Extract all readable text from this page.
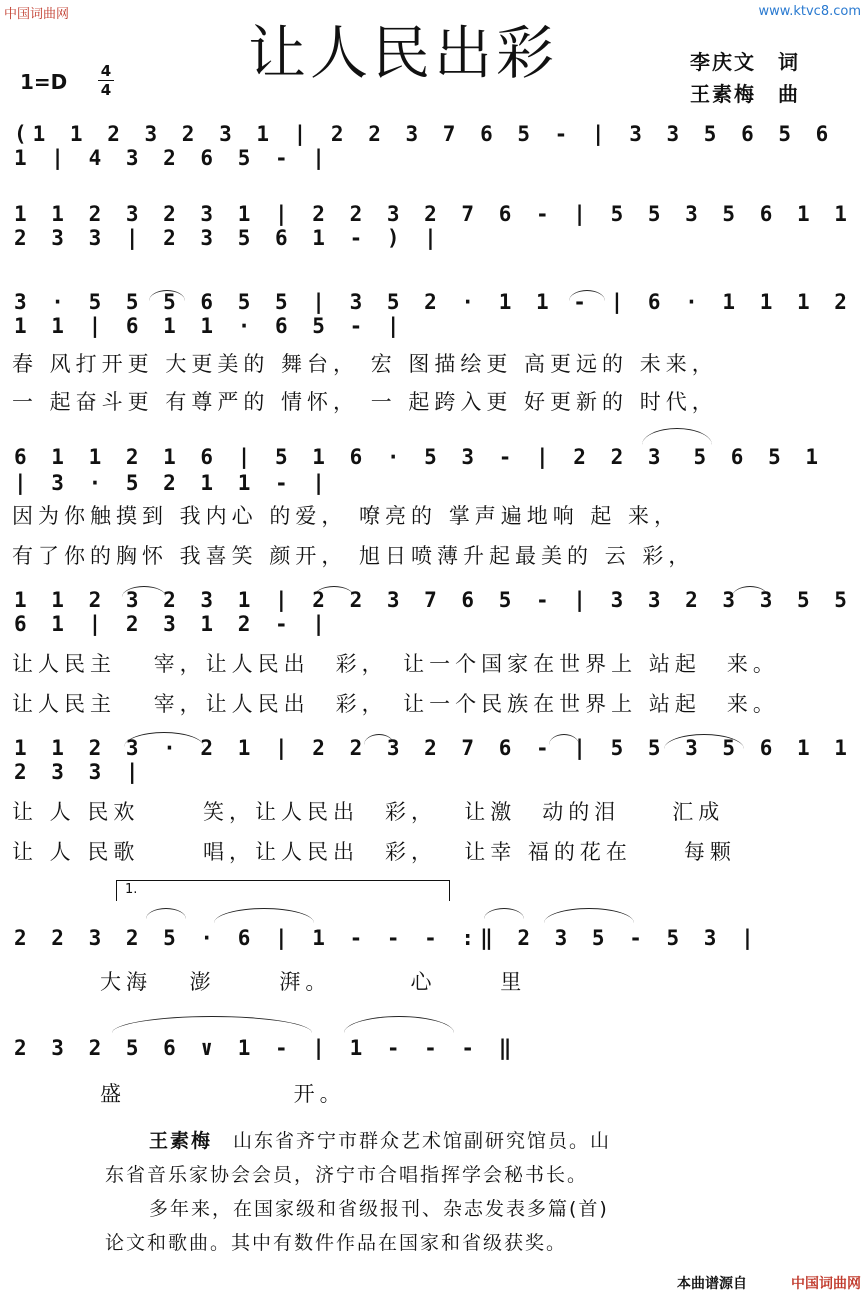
中国词曲网	www.ktvc8.com
让人民出彩
1=D 4
4
李庆文　词
王素梅　曲
(1 1 2 3 2 3 1 | 2 2 3 7 6 5 - | 3 3 5 6 5 6 1 | 4 3 2 6 5 - |
1 1 2 3 2 3 1 | 2 2 3 2 7 6 - | 5 5 3 5 6 1 1 2 3 3 | 2 3 5 6 1 - ) |
3 · 5 5 5 6 5 5 | 3 5 2 · 1 1 - | 6 · 1 1 1 2 1 1 | 6 1 1 · 6 5 - |
春 风打开更 大更美的 舞台， 宏 图描绘更 高更远的 未来，
一 起奋斗更 有尊严的 情怀， 一 起跨入更 好更新的 时代，
6 1 1 2 1 6 | 5 1 6 · 5 3 - | 2 2 3　5 6 5 1 | 3 · 5 2 1 1 - |
因为你触摸到 我内心 的爱， 嘹亮的 掌声遍地响 起 来，
有了你的胸怀 我喜笑 颜开， 旭日喷薄升起最美的 云 彩，
1 1 2 3 2 3 1 | 2 2 3 7 6 5 - | 3 3 2 3 3 5 5 6 1 | 2 3 1 2 - |
让人民主　 宰，让人民出　彩，　让一个国家在世界上 站起　来。
让人民主　 宰，让人民出　彩，　让一个民族在世界上 站起　来。
1 1 2 3 · 2 1 | 2 2 3 2 7 6 - | 5 5 3 5 6 1 1 2 3 3 |
让 人 民欢　　 笑，让人民出　彩，　 让激　动的泪　　汇成
让 人 民歌　　 唱，让人民出　彩，　 让幸 福的花在　　每颗
1.
2 2 3 2 5 · 6 | 1 - - - :‖ 2 3 5 - 5 3 |
大海　 澎　　 湃。　　　 心　　 里
2 3 2 5 6 ∨ 1 - | 1 - - - ‖
盛　　　　　　 开。
王素梅　 山东省齐宁市群众艺术馆副研究馆员。山
东省音乐家协会会员，济宁市合唱指挥学会秘书长。
多年来，在国家级和省级报刊、杂志发表多篇(首)
论文和歌曲。其中有数件作品在国家和省级获奖。
本曲谱源自	中国词曲网
